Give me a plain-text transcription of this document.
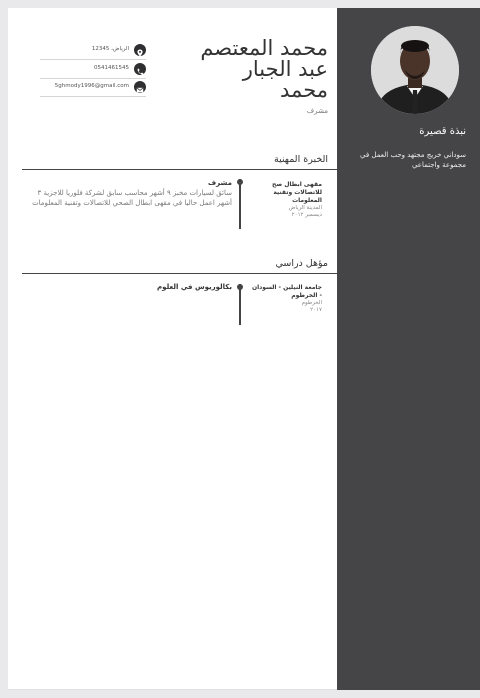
نبذة قصيرة
سوداني خريج مجتهد وحب العمل في مجموعة واجتماعي
محمد المعتصم
عبد الجبار
محمد
مشرف
الرياض، 12345
0541461545
5ghmody1996@gmail.com
الخبرة المهنية
مقهى ابطال صح للاتصالات وتقنية المعلومات
المدينة الرياض
ديسمبر ٢٠١٢
مشرف
سائق لسيارات مخبز ٩ أشهر محاسب سابق لشركة فلوريا للاجزية ٣ أشهر اعمل حاليا في مقهى ابطال الصحي للاتصالات وتقنية المعلومات
مؤهل دراسي
جامعة النيلين - السودان - الخرطوم
الخرطوم
٢٠١٧
بكالوريوس في العلوم
